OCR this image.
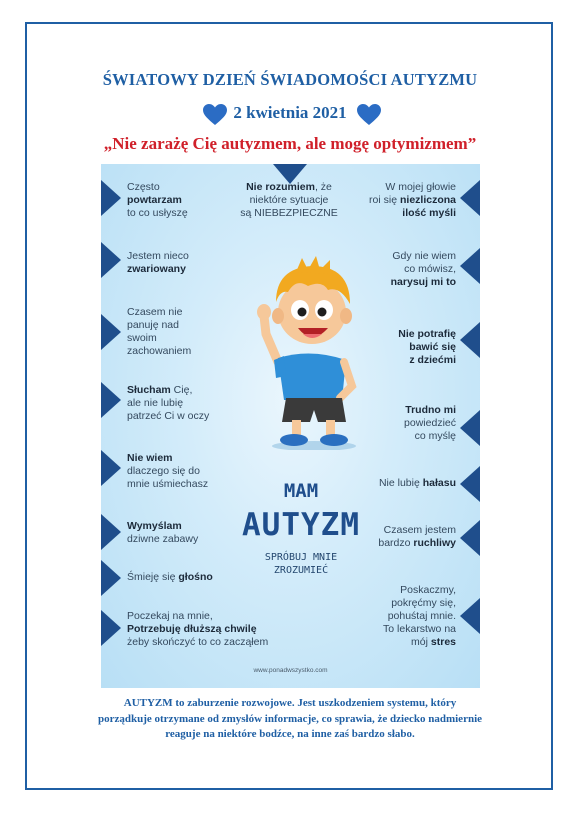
ŚWIATOWY DZIEŃ ŚWIADOMOŚCI AUTYZMU
2 kwietnia 2021
„Nie zarażę Cię autyzmem, ale mogę optymizmem”
Nie rozumiem, że
niektóre sytuacje
są NIEBEZPIECZNE
Często
powtarzam
to co usłyszę
Jestem nieco
zwariowany
Czasem nie
panuję nad
swoim
zachowaniem
Słucham Cię,
ale nie lubię
patrzeć Ci w oczy
Nie wiem
dlaczego się do
mnie uśmiechasz
Wymyślam
dziwne zabawy
Śmieję się głośno
Poczekaj na mnie,
Potrzebuję dłuższą chwilę
żeby skończyć to co zacząłem
W mojej głowie
roi się niezliczona
ilość myśli
Gdy nie wiem
co mówisz,
narysuj mi to
Nie potrafię
bawić się
z dziećmi
Trudno mi
powiedzieć
co myślę
Nie lubię hałasu
Czasem jestem
bardzo ruchliwy
Poskaczmy,
pokręćmy się,
pohuśtaj mnie.
To lekarstwo na
mój stres
MAM
AUTYZM
SPRÓBUJ MNIE
ZROZUMIEĆ
www.ponadwszystko.com
AUTYZM to zaburzenie rozwojowe. Jest uszkodzeniem systemu, który
porządkuje otrzymane od zmysłów informacje, co sprawia, że dziecko nadmiernie
reaguje na niektóre bodźce, na inne zaś bardzo słabo.
